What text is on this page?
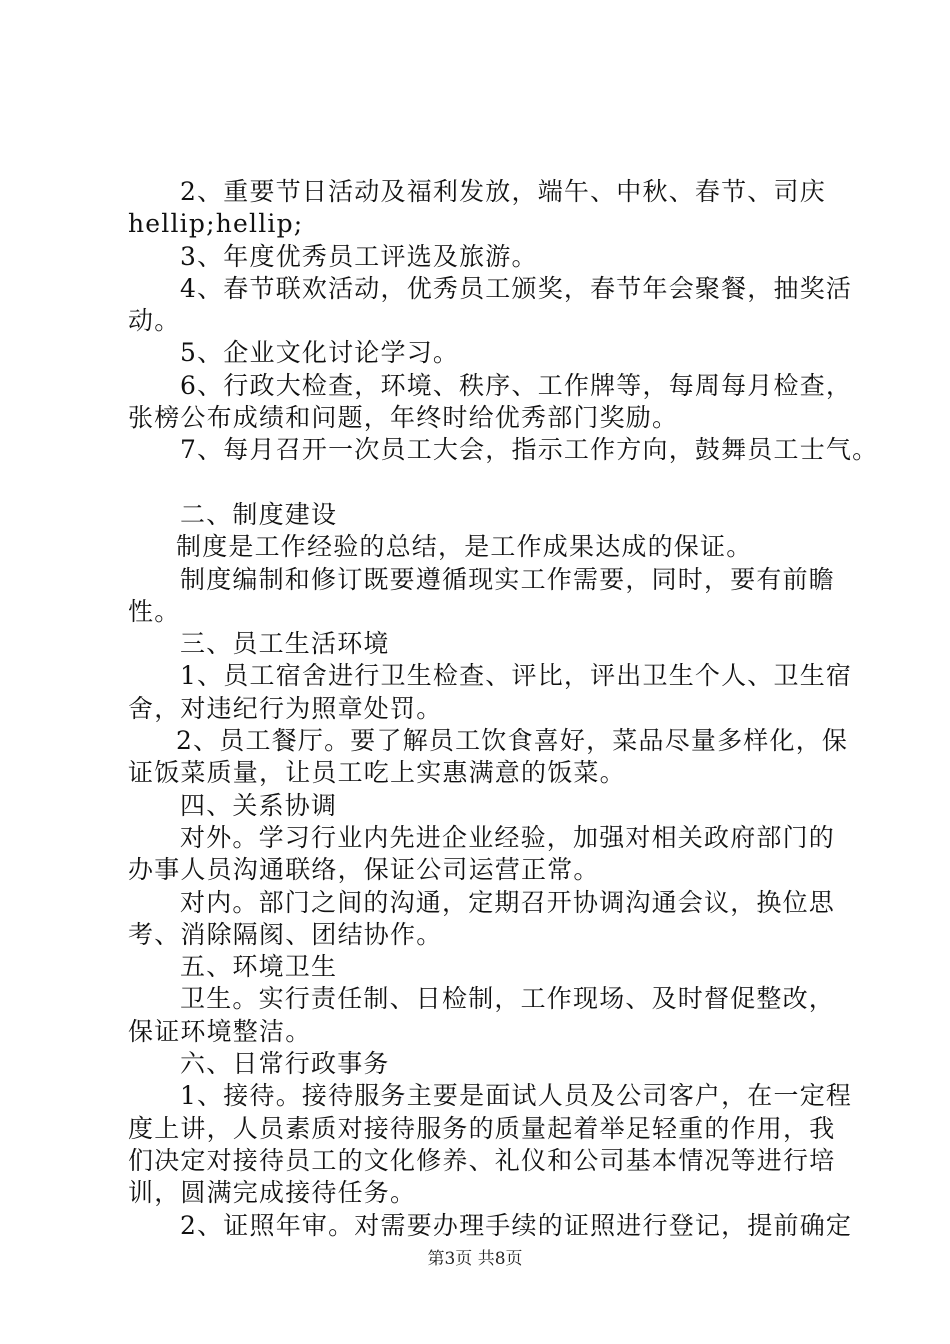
2、重要节日活动及福利发放，端午、中秋、春节、司庆
hellip;hellip;
3、年度优秀员工评选及旅游。
4、春节联欢活动，优秀员工颁奖，春节年会聚餐，抽奖活
动。
5、企业文化讨论学习。
6、行政大检查，环境、秩序、工作牌等，每周每月检查，
张榜公布成绩和问题，年终时给优秀部门奖励。
7、每月召开一次员工大会，指示工作方向，鼓舞员工士气。
二、制度建设
制度是工作经验的总结，是工作成果达成的保证。
制度编制和修订既要遵循现实工作需要，同时，要有前瞻
性。
三、员工生活环境
1、员工宿舍进行卫生检查、评比，评出卫生个人、卫生宿
舍，对违纪行为照章处罚。
2、员工餐厅。要了解员工饮食喜好，菜品尽量多样化，保
证饭菜质量，让员工吃上实惠满意的饭菜。
四、关系协调
对外。学习行业内先进企业经验，加强对相关政府部门的
办事人员沟通联络，保证公司运营正常。
对内。部门之间的沟通，定期召开协调沟通会议，换位思
考、消除隔阂、团结协作。
五、环境卫生
卫生。实行责任制、日检制，工作现场、及时督促整改，
保证环境整洁。
六、日常行政事务
1、接待。接待服务主要是面试人员及公司客户，在一定程
度上讲，人员素质对接待服务的质量起着举足轻重的作用，我
们决定对接待员工的文化修养、礼仪和公司基本情况等进行培
训，圆满完成接待任务。
2、证照年审。对需要办理手续的证照进行登记，提前确定
第3页 共8页
